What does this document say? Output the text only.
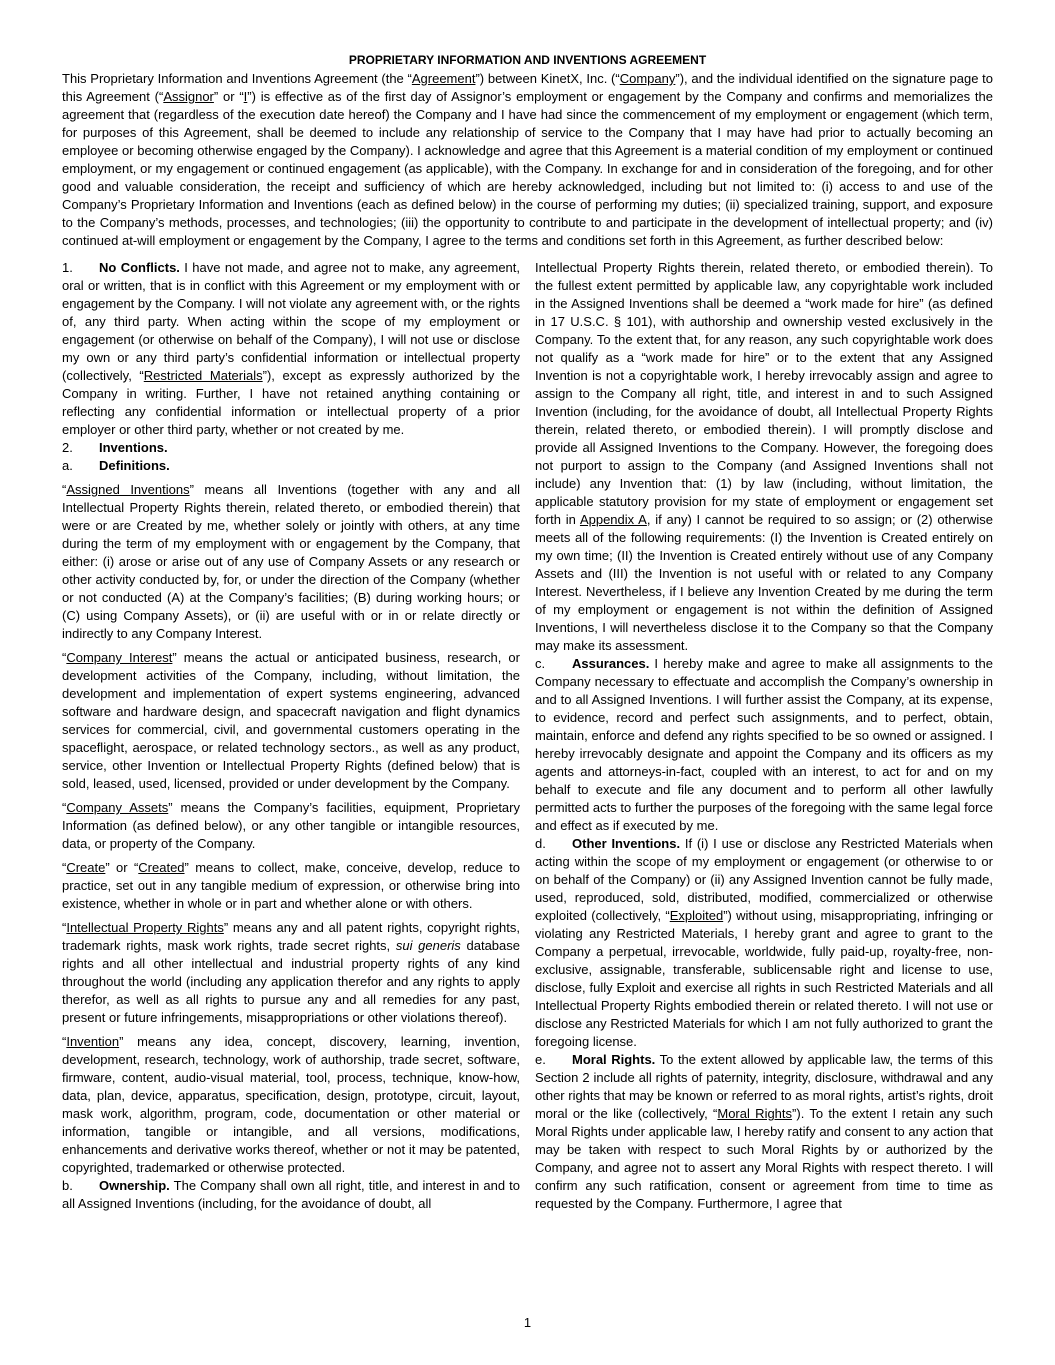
PROPRIETARY INFORMATION AND INVENTIONS AGREEMENT

This Proprietary Information and Inventions Agreement (the “Agreement”) between KinetX, Inc. (“Company”), and the individual identified on the signature page to this Agreement (“Assignor” or “I”) is effective as of the first day of Assignor’s employment or engagement by the Company and confirms and memorializes the agreement that (regardless of the execution date hereof) the Company and I have had since the commencement of my employment or engagement (which term, for purposes of this Agreement, shall be deemed to include any relationship of service to the Company that I may have had prior to actually becoming an employee or becoming otherwise engaged by the Company). I acknowledge and agree that this Agreement is a material condition of my employment or continued employment, or my engagement or continued engagement (as applicable), with the Company. In exchange for and in consideration of the foregoing, and for other good and valuable consideration, the receipt and sufficiency of which are hereby acknowledged, including but not limited to: (i) access to and use of the Company’s Proprietary Information and Inventions (each as defined below) in the course of performing my duties; (ii) specialized training, support, and exposure to the Company’s methods, processes, and technologies; (iii) the opportunity to contribute to and participate in the development of intellectual property; and (iv) continued at-will employment or engagement by the Company, I agree to the terms and conditions set forth in this Agreement, as further described below:

1. No Conflicts. I have not made, and agree not to make, any agreement, oral or written, that is in conflict with this Agreement or my employment with or engagement by the Company. I will not violate any agreement with, or the rights of, any third party. When acting within the scope of my employment or engagement (or otherwise on behalf of the Company), I will not use or disclose my own or any third party’s confidential information or intellectual property (collectively, “Restricted Materials”), except as expressly authorized by the Company in writing. Further, I have not retained anything containing or reflecting any confidential information or intellectual property of a prior employer or other third party, whether or not created by me.

2. Inventions.

a. Definitions.

“Assigned Inventions” means all Inventions (together with any and all Intellectual Property Rights therein, related thereto, or embodied therein) that were or are Created by me, whether solely or jointly with others, at any time during the term of my employment with or engagement by the Company, that either: (i) arose or arise out of any use of Company Assets or any research or other activity conducted by, for, or under the direction of the Company (whether or not conducted (A) at the Company’s facilities; (B) during working hours; or (C) using Company Assets), or (ii) are useful with or in or relate directly or indirectly to any Company Interest.

“Company Interest” means the actual or anticipated business, research, or development activities of the Company, including, without limitation, the development and implementation of expert systems engineering, advanced software and hardware design, and spacecraft navigation and flight dynamics services for commercial, civil, and governmental customers operating in the spaceflight, aerospace, or related technology sectors., as well as any product, service, other Invention or Intellectual Property Rights (defined below) that is sold, leased, used, licensed, provided or under development by the Company.

“Company Assets” means the Company’s facilities, equipment, Proprietary Information (as defined below), or any other tangible or intangible resources, data, or property of the Company.

“Create” or “Created” means to collect, make, conceive, develop, reduce to practice, set out in any tangible medium of expression, or otherwise bring into existence, whether in whole or in part and whether alone or with others.

“Intellectual Property Rights” means any and all patent rights, copyright rights, trademark rights, mask work rights, trade secret rights, sui generis database rights and all other intellectual and industrial property rights of any kind throughout the world (including any application therefor and any rights to apply therefor, as well as all rights to pursue any and all remedies for any past, present or future infringements, misappropriations or other violations thereof).

“Invention” means any idea, concept, discovery, learning, invention, development, research, technology, work of authorship, trade secret, software, firmware, content, audio-visual material, tool, process, technique, know-how, data, plan, device, apparatus, specification, design, prototype, circuit, layout, mask work, algorithm, program, code, documentation or other material or information, tangible or intangible, and all versions, modifications, enhancements and derivative works thereof, whether or not it may be patented, copyrighted, trademarked or otherwise protected.

b. Ownership. The Company shall own all right, title, and interest in and to all Assigned Inventions (including, for the avoidance of doubt, all

Intellectual Property Rights therein, related thereto, or embodied therein). To the fullest extent permitted by applicable law, any copyrightable work included in the Assigned Inventions shall be deemed a “work made for hire” (as defined in 17 U.S.C. § 101), with authorship and ownership vested exclusively in the Company. To the extent that, for any reason, any such copyrightable work does not qualify as a “work made for hire” or to the extent that any Assigned Invention is not a copyrightable work, I hereby irrevocably assign and agree to assign to the Company all right, title, and interest in and to such Assigned Invention (including, for the avoidance of doubt, all Intellectual Property Rights therein, related thereto, or embodied therein). I will promptly disclose and provide all Assigned Inventions to the Company. However, the foregoing does not purport to assign to the Company (and Assigned Inventions shall not include) any Invention that: (1) by law (including, without limitation, the applicable statutory provision for my state of employment or engagement set forth in Appendix A, if any) I cannot be required to so assign; or (2) otherwise meets all of the following requirements: (I) the Invention is Created entirely on my own time; (II) the Invention is Created entirely without use of any Company Assets and (III) the Invention is not useful with or related to any Company Interest. Nevertheless, if I believe any Invention Created by me during the term of my employment or engagement is not within the definition of Assigned Inventions, I will nevertheless disclose it to the Company so that the Company may make its assessment.

c. Assurances. I hereby make and agree to make all assignments to the Company necessary to effectuate and accomplish the Company’s ownership in and to all Assigned Inventions. I will further assist the Company, at its expense, to evidence, record and perfect such assignments, and to perfect, obtain, maintain, enforce and defend any rights specified to be so owned or assigned. I hereby irrevocably designate and appoint the Company and its officers as my agents and attorneys-in-fact, coupled with an interest, to act for and on my behalf to execute and file any document and to perform all other lawfully permitted acts to further the purposes of the foregoing with the same legal force and effect as if executed by me.

d. Other Inventions. If (i) I use or disclose any Restricted Materials when acting within the scope of my employment or engagement (or otherwise to or on behalf of the Company) or (ii) any Assigned Invention cannot be fully made, used, reproduced, sold, distributed, modified, commercialized or otherwise exploited (collectively, “Exploited”) without using, misappropriating, infringing or violating any Restricted Materials, I hereby grant and agree to grant to the Company a perpetual, irrevocable, worldwide, fully paid-up, royalty-free, non-exclusive, assignable, transferable, sublicensable right and license to use, disclose, fully Exploit and exercise all rights in such Restricted Materials and all Intellectual Property Rights embodied therein or related thereto. I will not use or disclose any Restricted Materials for which I am not fully authorized to grant the foregoing license.

e. Moral Rights. To the extent allowed by applicable law, the terms of this Section 2 include all rights of paternity, integrity, disclosure, withdrawal and any other rights that may be known or referred to as moral rights, artist’s rights, droit moral or the like (collectively, “Moral Rights”). To the extent I retain any such Moral Rights under applicable law, I hereby ratify and consent to any action that may be taken with respect to such Moral Rights by or authorized by the Company, and agree not to assert any Moral Rights with respect thereto. I will confirm any such ratification, consent or agreement from time to time as requested by the Company. Furthermore, I agree that

1
